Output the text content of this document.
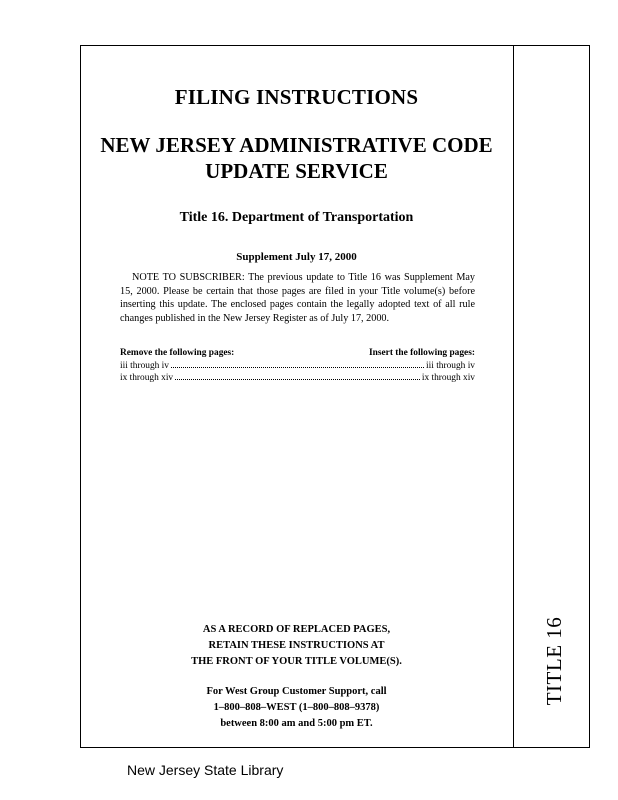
TITLE 16
FILING INSTRUCTIONS
NEW JERSEY ADMINISTRATIVE CODE
UPDATE SERVICE
Title 16. Department of Transportation
Supplement July 17, 2000
NOTE TO SUBSCRIBER: The previous update to Title 16 was Supplement May 15, 2000. Please be certain that those pages are filed in your Title volume(s) before inserting this update. The enclosed pages contain the legally adopted text of all rule changes published in the New Jersey Register as of July 17, 2000.
Remove the following pages:	Insert the following pages:
iii through iv	iii through iv
ix through xiv	ix through xiv
AS A RECORD OF REPLACED PAGES,
RETAIN THESE INSTRUCTIONS AT
THE FRONT OF YOUR TITLE VOLUME(S).
For West Group Customer Support, call
1–800–808–WEST (1–800–808–9378)
between 8:00 am and 5:00 pm ET.
New Jersey State Library
